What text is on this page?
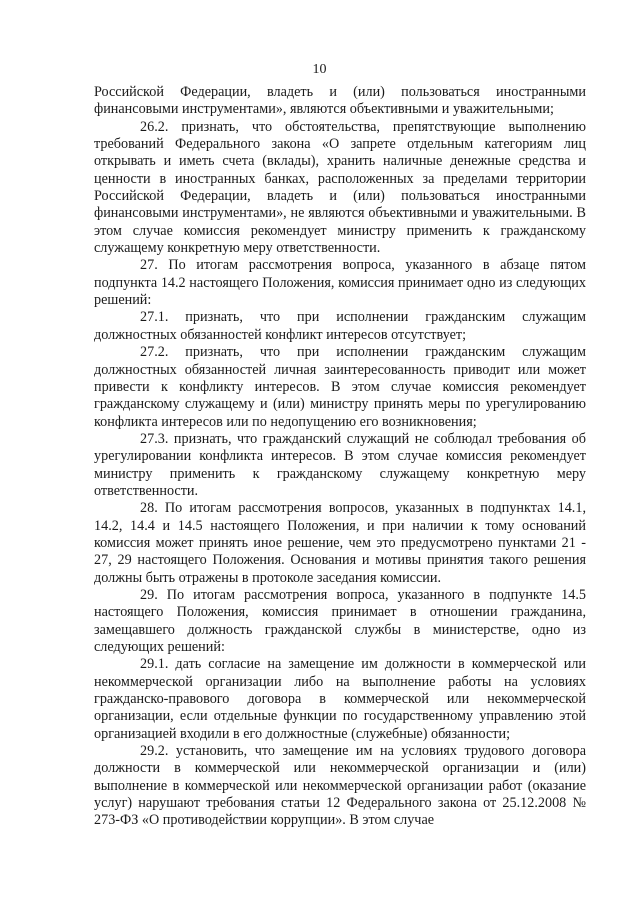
10

Российской Федерации, владеть и (или) пользоваться иностранными финансовыми инструментами», являются объективными и уважительными;

26.2. признать, что обстоятельства, препятствующие выполнению требований Федерального закона «О запрете отдельным категориям лиц открывать и иметь счета (вклады), хранить наличные денежные средства и ценности в иностранных банках, расположенных за пределами территории Российской Федерации, владеть и (или) пользоваться иностранными финансовыми инструментами», не являются объективными и уважительными. В этом случае комиссия рекомендует министру применить к гражданскому служащему конкретную меру ответственности.

27. По итогам рассмотрения вопроса, указанного в абзаце пятом подпункта 14.2 настоящего Положения, комиссия принимает одно из следующих решений:

27.1. признать, что при исполнении гражданским служащим должностных обязанностей конфликт интересов отсутствует;

27.2. признать, что при исполнении гражданским служащим должностных обязанностей личная заинтересованность приводит или может привести к конфликту интересов. В этом случае комиссия рекомендует гражданскому служащему и (или) министру принять меры по урегулированию конфликта интересов или по недопущению его возникновения;

27.3. признать, что гражданский служащий не соблюдал требования об урегулировании конфликта интересов. В этом случае комиссия рекомендует министру применить к гражданскому служащему конкретную меру ответственности.

28. По итогам рассмотрения вопросов, указанных в подпунктах 14.1, 14.2, 14.4 и 14.5 настоящего Положения, и при наличии к тому оснований комиссия может принять иное решение, чем это предусмотрено пунктами 21 - 27, 29 настоящего Положения. Основания и мотивы принятия такого решения должны быть отражены в протоколе заседания комиссии.

29. По итогам рассмотрения вопроса, указанного в подпункте 14.5 настоящего Положения, комиссия принимает в отношении гражданина, замещавшего должность гражданской службы в министерстве, одно из следующих решений:

29.1. дать согласие на замещение им должности в коммерческой или некоммерческой организации либо на выполнение работы на условиях гражданско-правового договора в коммерческой или некоммерческой организации, если отдельные функции по государственному управлению этой организацией входили в его должностные (служебные) обязанности;

29.2. установить, что замещение им на условиях трудового договора должности в коммерческой или некоммерческой организации и (или) выполнение в коммерческой или некоммерческой организации работ (оказание услуг) нарушают требования статьи 12 Федерального закона от 25.12.2008 № 273-ФЗ «О противодействии коррупции». В этом случае
